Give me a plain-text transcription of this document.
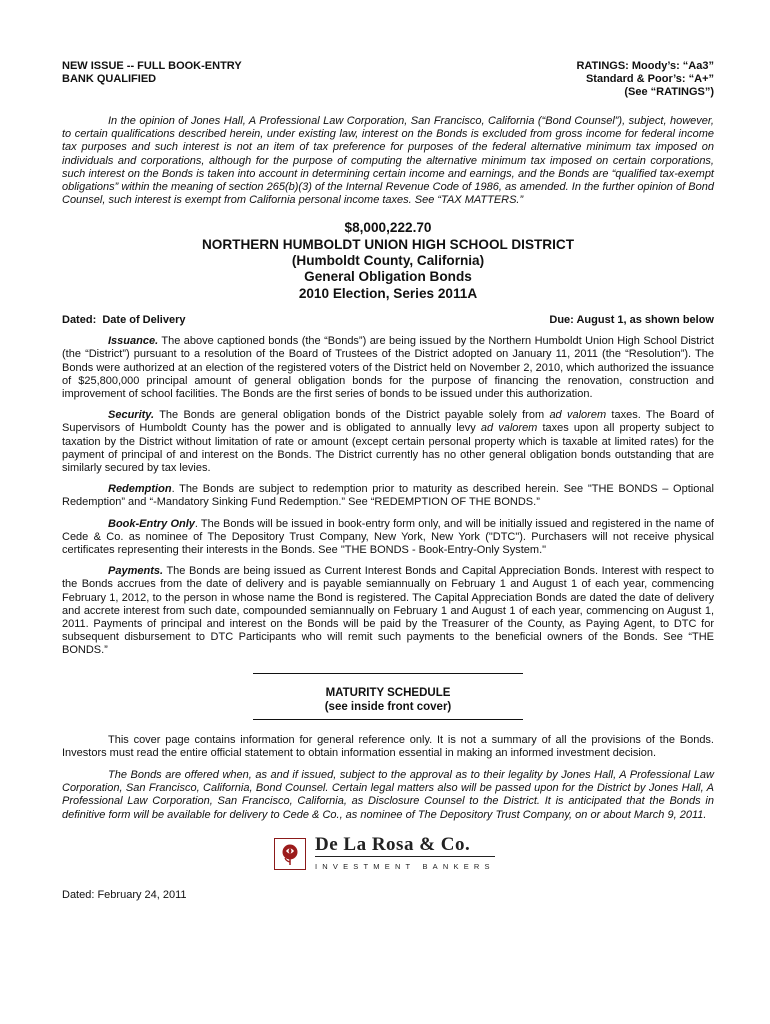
NEW ISSUE -- FULL BOOK-ENTRY
BANK QUALIFIED
RATINGS: Moody’s: “Aa3”
Standard & Poor’s: “A+”
(See “RATINGS”)

In the opinion of Jones Hall, A Professional Law Corporation, San Francisco, California (“Bond Counsel”), subject, however, to certain qualifications described herein, under existing law, interest on the Bonds is excluded from gross income for federal income tax purposes and such interest is not an item of tax preference for purposes of the federal alternative minimum tax imposed on individuals and corporations, although for the purpose of computing the alternative minimum tax imposed on certain corporations, such interest on the Bonds is taken into account in determining certain income and earnings, and the Bonds are “qualified tax-exempt obligations” within the meaning of section 265(b)(3) of the Internal Revenue Code of 1986, as amended. In the further opinion of Bond Counsel, such interest is exempt from California personal income taxes. See “TAX MATTERS.”

$8,000,222.70
NORTHERN HUMBOLDT UNION HIGH SCHOOL DISTRICT
(Humboldt County, California)
General Obligation Bonds
2010 Election, Series 2011A
Dated:  Date of Delivery	Due: August 1, as shown below

Issuance. The above captioned bonds (the “Bonds”) are being issued by the Northern Humboldt Union High School District (the “District”) pursuant to a resolution of the Board of Trustees of the District adopted on January 11, 2011 (the “Resolution”). The Bonds were authorized at an election of the registered voters of the District held on November 2, 2010, which authorized the issuance of $25,800,000 principal amount of general obligation bonds for the purpose of financing the renovation, construction and improvement of school facilities. The Bonds are the first series of bonds to be issued under this authorization.

Security. The Bonds are general obligation bonds of the District payable solely from ad valorem taxes. The Board of Supervisors of Humboldt County has the power and is obligated to annually levy ad valorem taxes upon all property subject to taxation by the District without limitation of rate or amount (except certain personal property which is taxable at limited rates) for the payment of principal of and interest on the Bonds. The District currently has no other general obligation bonds outstanding that are similarly secured by tax levies.

Redemption. The Bonds are subject to redemption prior to maturity as described herein. See "THE BONDS – Optional Redemption” and “-Mandatory Sinking Fund Redemption.” See “REDEMPTION OF THE BONDS.”

Book-Entry Only. The Bonds will be issued in book-entry form only, and will be initially issued and registered in the name of Cede & Co. as nominee of The Depository Trust Company, New York, New York ("DTC"). Purchasers will not receive physical certificates representing their interests in the Bonds. See "THE BONDS - Book-Entry-Only System."

Payments. The Bonds are being issued as Current Interest Bonds and Capital Appreciation Bonds. Interest with respect to the Bonds accrues from the date of delivery and is payable semiannually on February 1 and August 1 of each year, commencing February 1, 2012, to the person in whose name the Bond is registered. The Capital Appreciation Bonds are dated the date of delivery and accrete interest from such date, compounded semiannually on February 1 and August 1 of each year, commencing on August 1, 2011. Payments of principal and interest on the Bonds will be paid by the Treasurer of the County, as Paying Agent, to DTC for subsequent disbursement to DTC Participants who will remit such payments to the beneficial owners of the Bonds. See “THE BONDS.”

MATURITY SCHEDULE
(see inside front cover)

This cover page contains information for general reference only. It is not a summary of all the provisions of the Bonds. Investors must read the entire official statement to obtain information essential in making an informed investment decision.

The Bonds are offered when, as and if issued, subject to the approval as to their legality by Jones Hall, A Professional Law Corporation, San Francisco, California, Bond Counsel. Certain legal matters also will be passed upon for the District by Jones Hall, A Professional Law Corporation, San Francisco, California, as Disclosure Counsel to the District. It is anticipated that the Bonds in definitive form will be available for delivery to Cede & Co., as nominee of The Depository Trust Company, on or about March 9, 2011.

De La Rosa & Co.
INVESTMENT BANKERS
Dated: February 24, 2011
